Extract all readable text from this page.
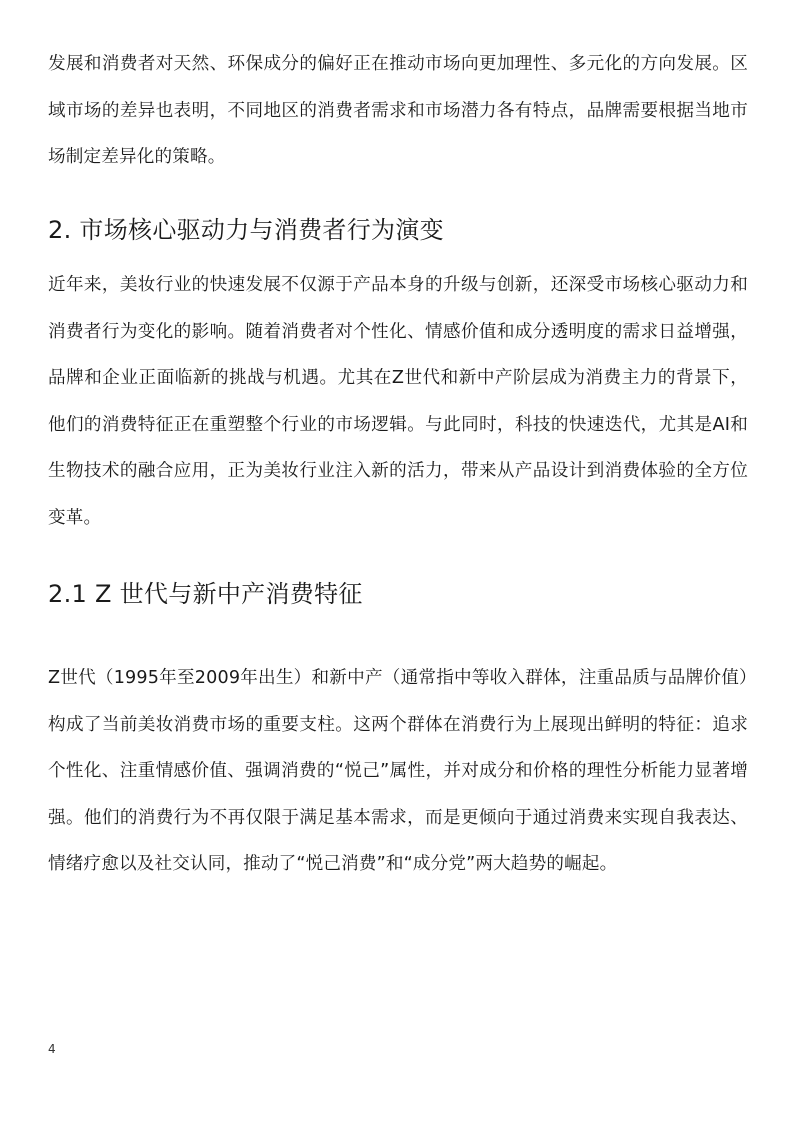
发展和消费者对天然、环保成分的偏好正在推动市场向更加理性、多元化的方向发展。区域市场的差异也表明，不同地区的消费者需求和市场潜力各有特点，品牌需要根据当地市场制定差异化的策略。

2. 市场核心驱动力与消费者行为演变

近年来，美妆行业的快速发展不仅源于产品本身的升级与创新，还深受市场核心驱动力和消费者行为变化的影响。随着消费者对个性化、情感价值和成分透明度的需求日益增强，品牌和企业正面临新的挑战与机遇。尤其在Z世代和新中产阶层成为消费主力的背景下，他们的消费特征正在重塑整个行业的市场逻辑。与此同时，科技的快速迭代，尤其是AI和生物技术的融合应用，正为美妆行业注入新的活力，带来从产品设计到消费体验的全方位变革。

2.1 Z 世代与新中产消费特征

Z世代（1995年至2009年出生）和新中产（通常指中等收入群体，注重品质与品牌价值）构成了当前美妆消费市场的重要支柱。这两个群体在消费行为上展现出鲜明的特征：追求个性化、注重情感价值、强调消费的“悦己”属性，并对成分和价格的理性分析能力显著增强。他们的消费行为不再仅限于满足基本需求，而是更倾向于通过消费来实现自我表达、情绪疗愈以及社交认同，推动了“悦己消费”和“成分党”两大趋势的崛起。

4
